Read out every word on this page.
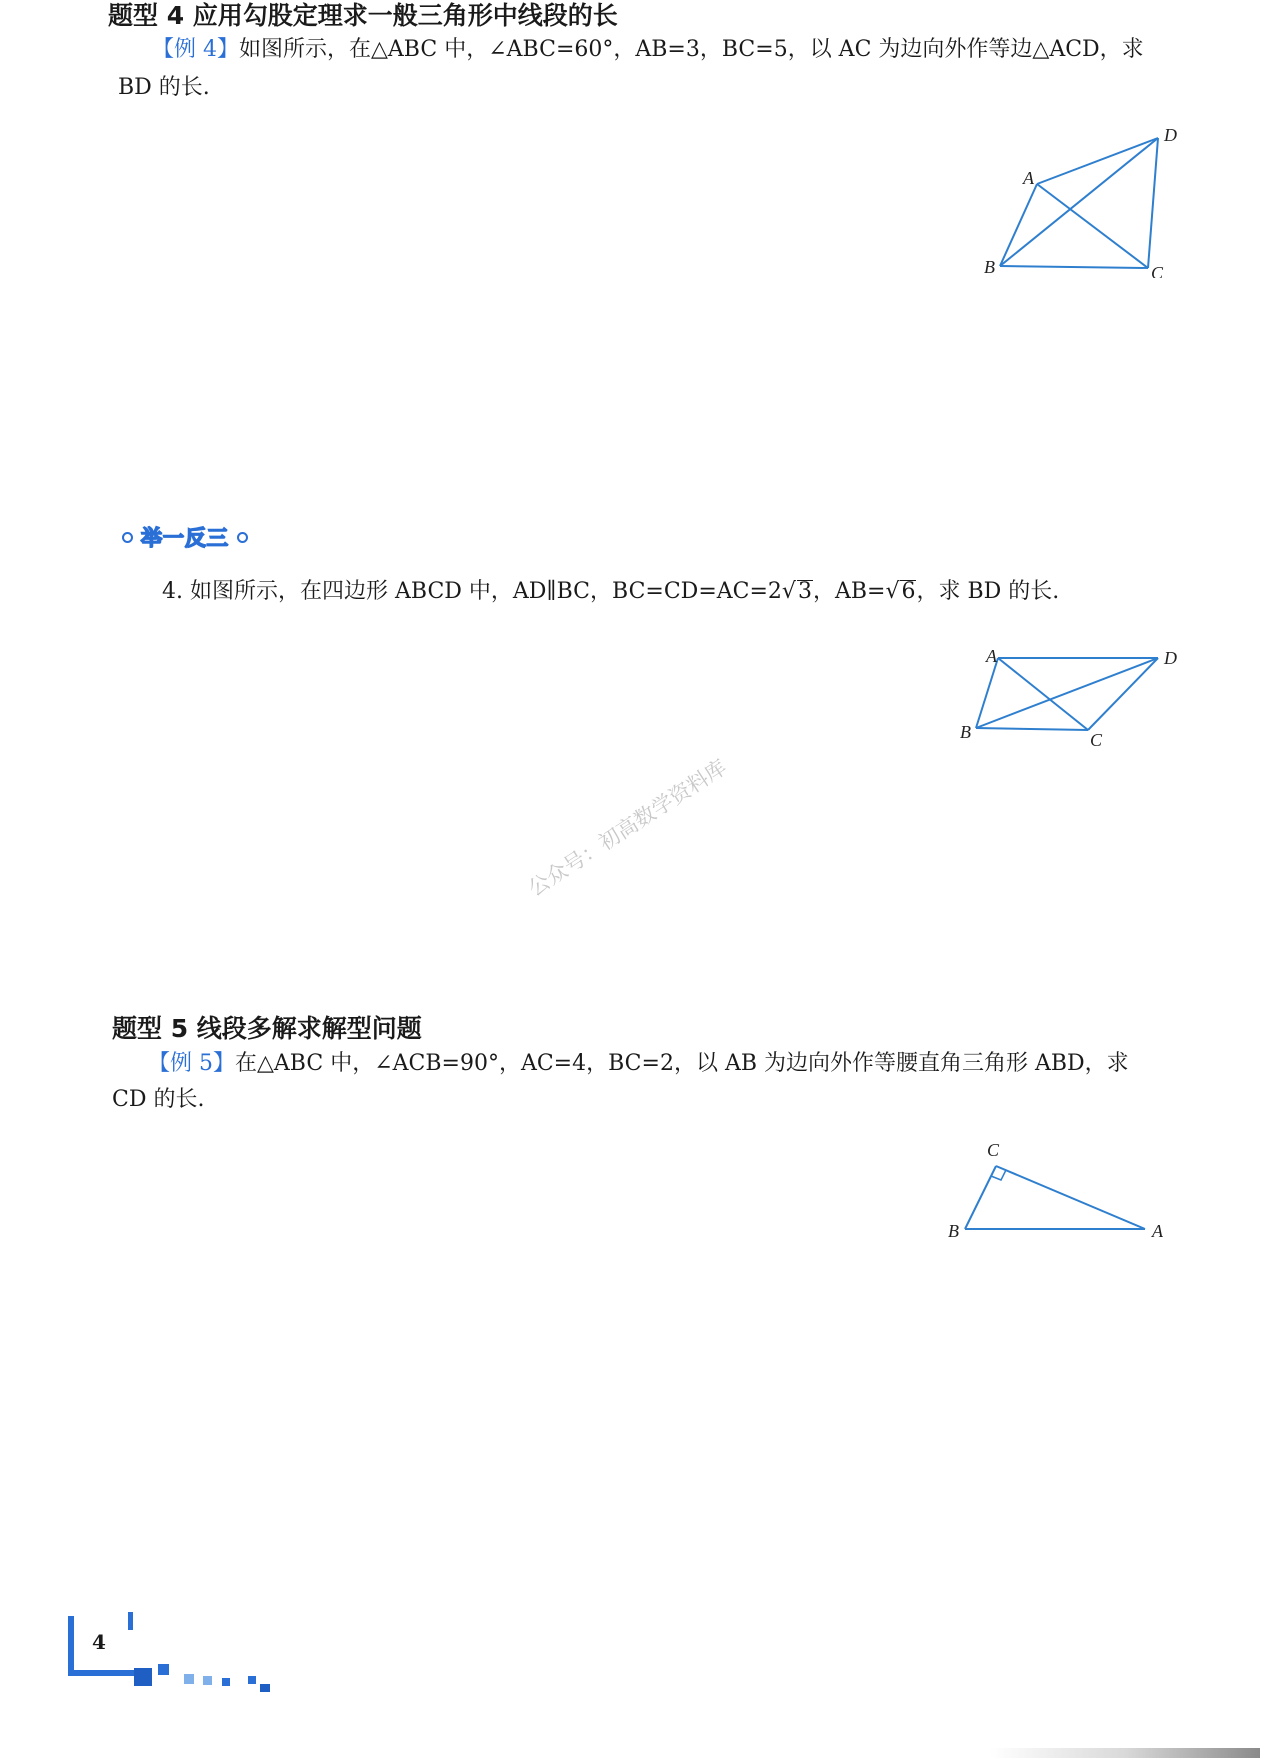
题型 4 应用勾股定理求一般三角形中线段的长
【例 4】如图所示，在△ABC 中，∠ABC=60°，AB=3，BC=5，以 AC 为边向外作等边△ACD，求
BD 的长.
A
B	C
D
举一反三
4. 如图所示，在四边形 ABCD 中，AD∥BC，BC=CD=AC=2√3，AB=√6，求 BD 的长.
A
B	C
D
公众号：初高数学资料库
题型 5 线段多解求解型问题
【例 5】在△ABC 中，∠ACB=90°，AC=4，BC=2，以 AB 为边向外作等腰直角三角形 ABD，求
CD 的长.
C
B	A
4
